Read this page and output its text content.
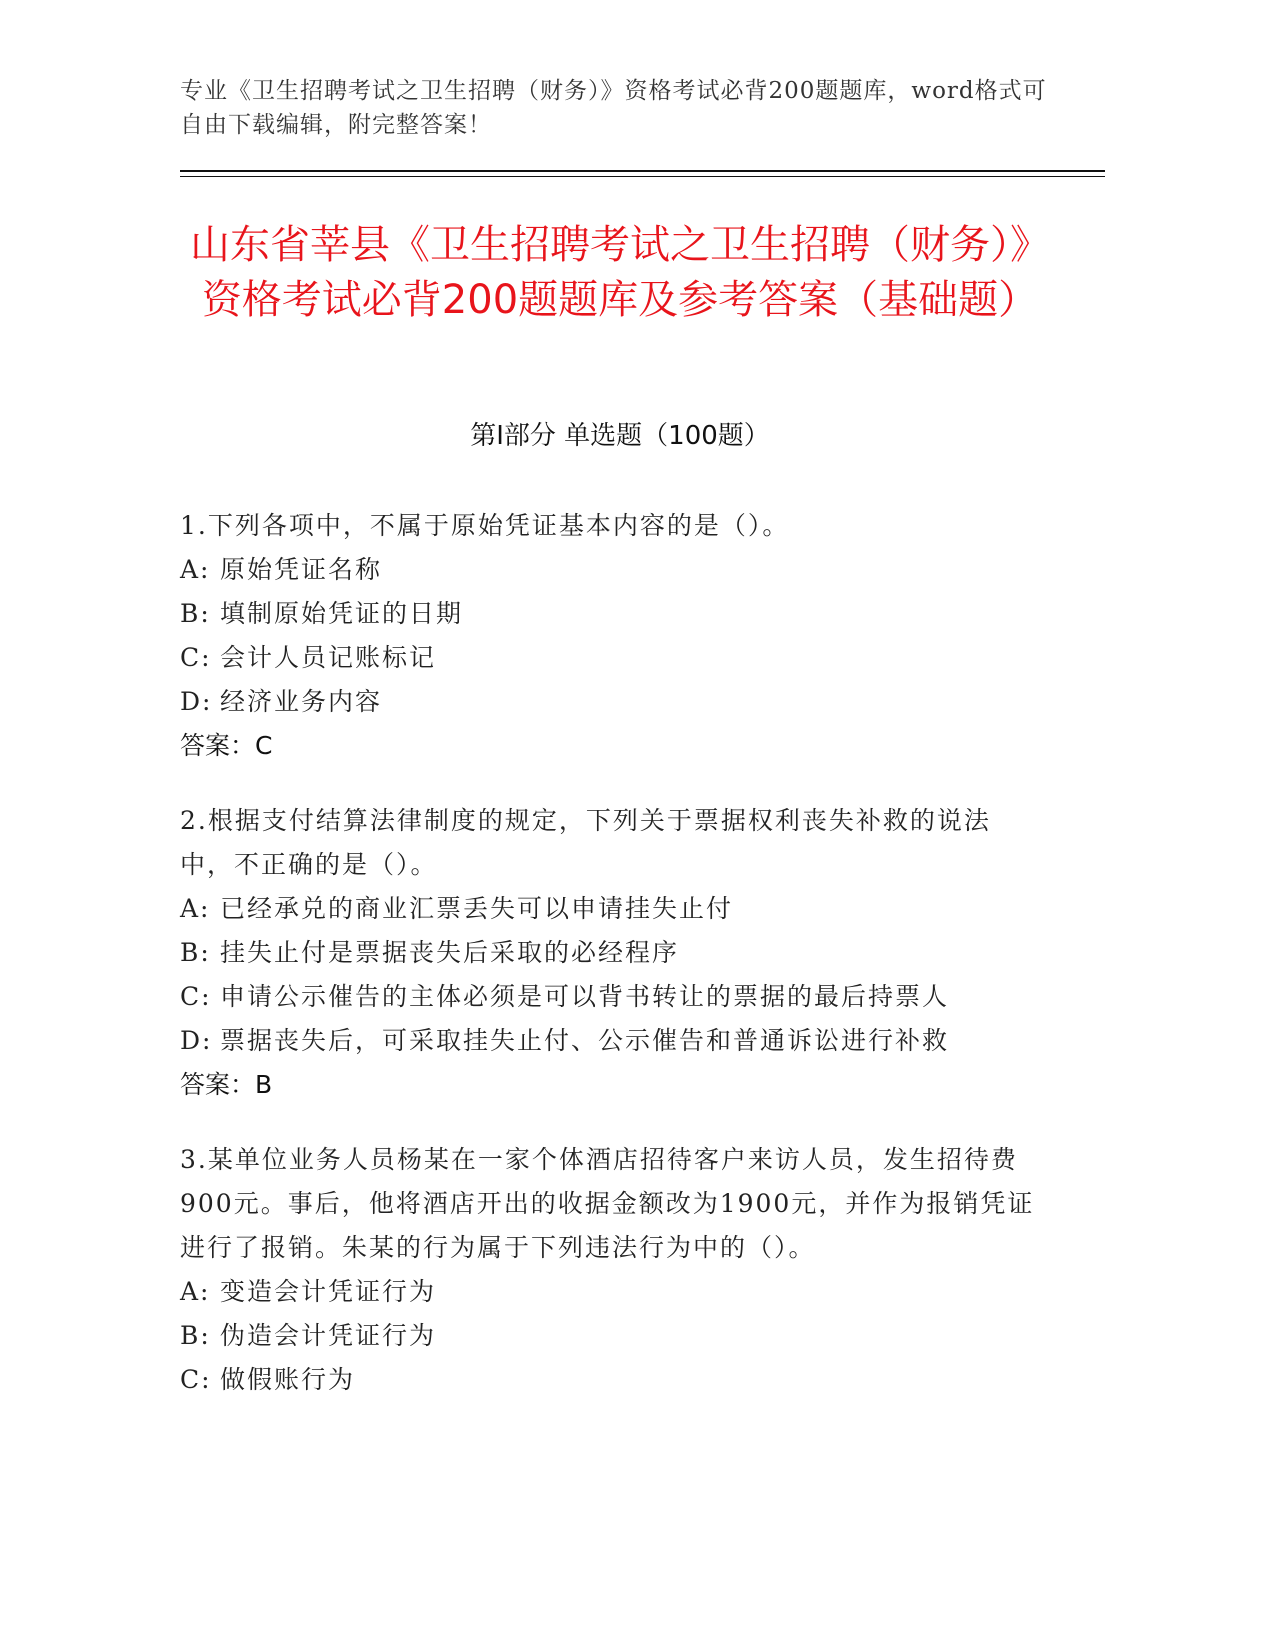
专业《卫生招聘考试之卫生招聘（财务）》资格考试必背200题题库，word格式可自由下载编辑，附完整答案！
山东省莘县《卫生招聘考试之卫生招聘（财务）》资格考试必背200题题库及参考答案（基础题）
第I部分 单选题（100题）
1.下列各项中，不属于原始凭证基本内容的是（）。
A: 原始凭证名称
B: 填制原始凭证的日期
C: 会计人员记账标记
D: 经济业务内容
答案：C
2.根据支付结算法律制度的规定，下列关于票据权利丧失补救的说法中，不正确的是（）。
A: 已经承兑的商业汇票丢失可以申请挂失止付
B: 挂失止付是票据丧失后采取的必经程序
C: 申请公示催告的主体必须是可以背书转让的票据的最后持票人
D: 票据丧失后，可采取挂失止付、公示催告和普通诉讼进行补救
答案：B
3.某单位业务人员杨某在一家个体酒店招待客户来访人员，发生招待费900元。事后，他将酒店开出的收据金额改为1900元，并作为报销凭证进行了报销。朱某的行为属于下列违法行为中的（）。
A: 变造会计凭证行为
B: 伪造会计凭证行为
C: 做假账行为
